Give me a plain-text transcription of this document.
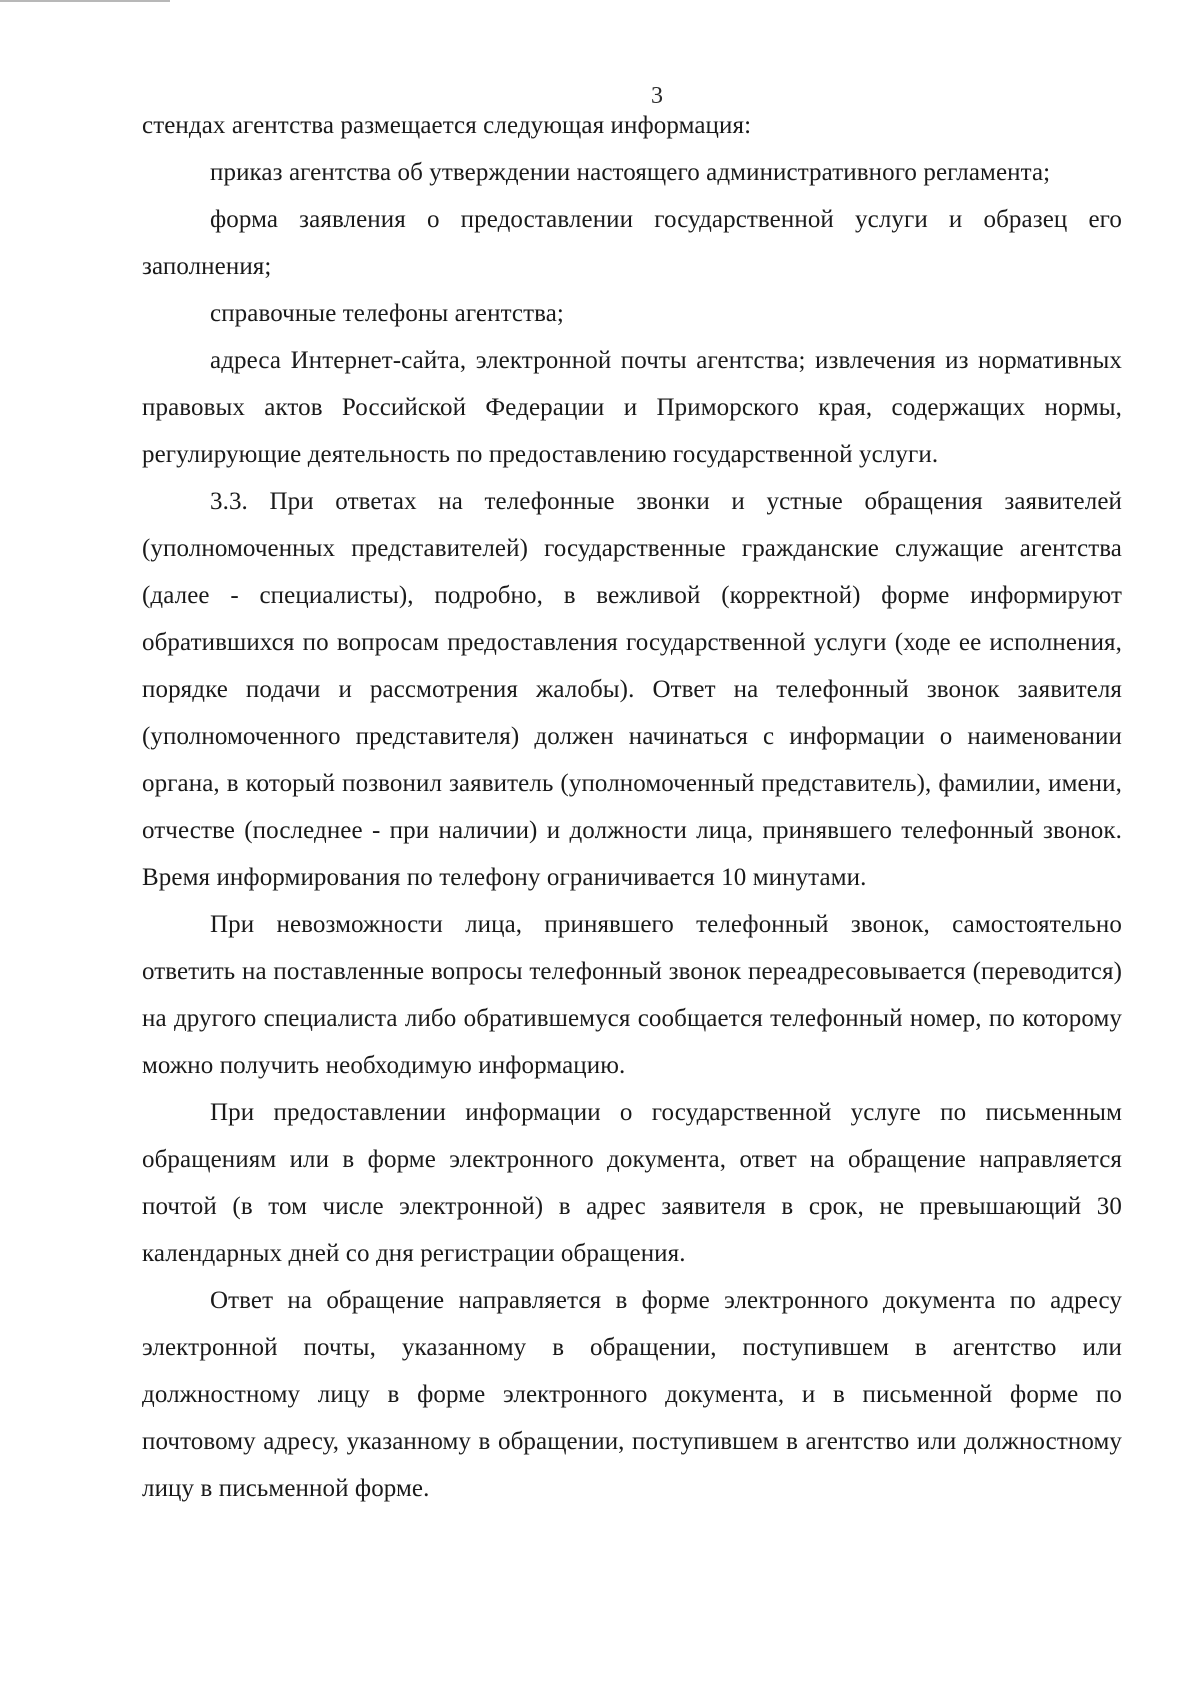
3

стендах агентства размещается следующая информация:

приказ агентства об утверждении настоящего административного регламента;

форма заявления о предоставлении государственной услуги и образец его заполнения;

справочные телефоны агентства;

адреса Интернет-сайта, электронной почты агентства; извлечения из нормативных правовых актов Российской Федерации и Приморского края, содержащих нормы, регулирующие деятельность по предоставлению государственной услуги.

3.3. При ответах на телефонные звонки и устные обращения заявителей (уполномоченных представителей) государственные гражданские служащие агентства (далее - специалисты), подробно, в вежливой (корректной) форме информируют обратившихся по вопросам предоставления государственной услуги (ходе ее исполнения, порядке подачи и рассмотрения жалобы). Ответ на телефонный звонок заявителя (уполномоченного представителя) должен начинаться с информации о наименовании органа, в который позвонил заявитель (уполномоченный представитель), фамилии, имени, отчестве (последнее - при наличии) и должности лица, принявшего телефонный звонок. Время информирования по телефону ограничивается 10 минутами.

При невозможности лица, принявшего телефонный звонок, самостоятельно ответить на поставленные вопросы телефонный звонок переадресовывается (переводится) на другого специалиста либо обратившемуся сообщается телефонный номер, по которому можно получить необходимую информацию.

При предоставлении информации о государственной услуге по письменным обращениям или в форме электронного документа, ответ на обращение направляется почтой (в том числе электронной) в адрес заявителя в срок, не превышающий 30 календарных дней со дня регистрации обращения.

Ответ на обращение направляется в форме электронного документа по адресу электронной почты, указанному в обращении, поступившем в агентство или должностному лицу в форме электронного документа, и в письменной форме по почтовому адресу, указанному в обращении, поступившем в агентство или должностному лицу в письменной форме.
